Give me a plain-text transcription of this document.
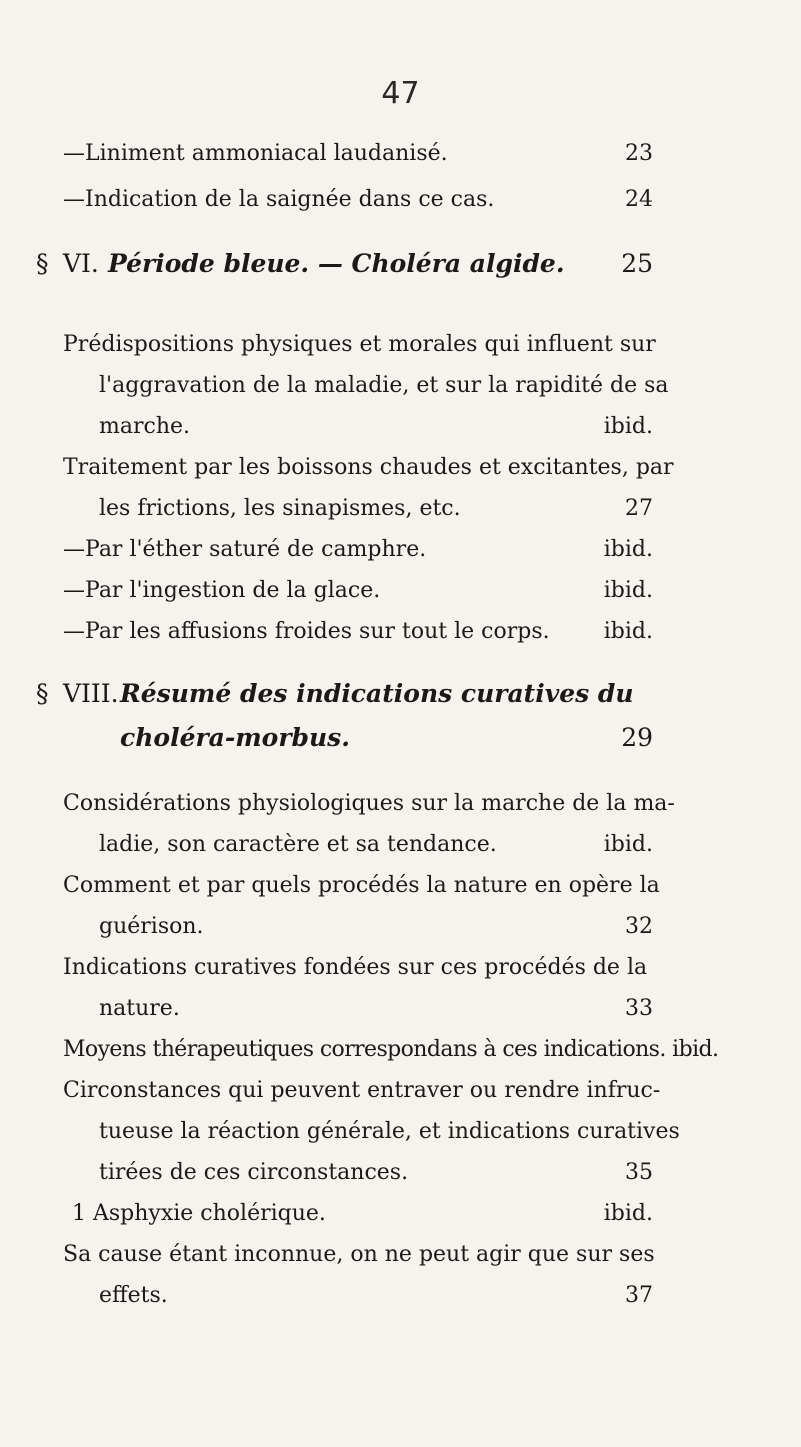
47
—Liniment ammoniacal laudanisé.	23
—Indication de la saignée dans ce cas.	24
§ VI. Période bleue. — Choléra algide. 25
Prédispositions physiques et morales qui influent sur
l'aggravation de la maladie, et sur la rapidité de sa
marche.	ibid.
Traitement par les boissons chaudes et excitantes, par
les frictions, les sinapismes, etc.	27
—Par l'éther saturé de camphre.	ibid.
—Par l'ingestion de la glace.	ibid.
—Par les affusions froides sur tout le corps. ibid.
§ VIII. Résumé des indications curatives du
choléra-morbus.	29
Considérations physiologiques sur la marche de la ma-
ladie, son caractère et sa tendance.	ibid.
Comment et par quels procédés la nature en opère la
guérison.	32
Indications curatives fondées sur ces procédés de la
nature.	33
Moyens thérapeutiques correspondans à ces indications. ibid.
Circonstances qui peuvent entraver ou rendre infruc-
tueuse la réaction générale, et indications curatives
tirées de ces circonstances.	35
1 Asphyxie cholérique.	ibid.
Sa cause étant inconnue, on ne peut agir que sur ses
effets.	37
